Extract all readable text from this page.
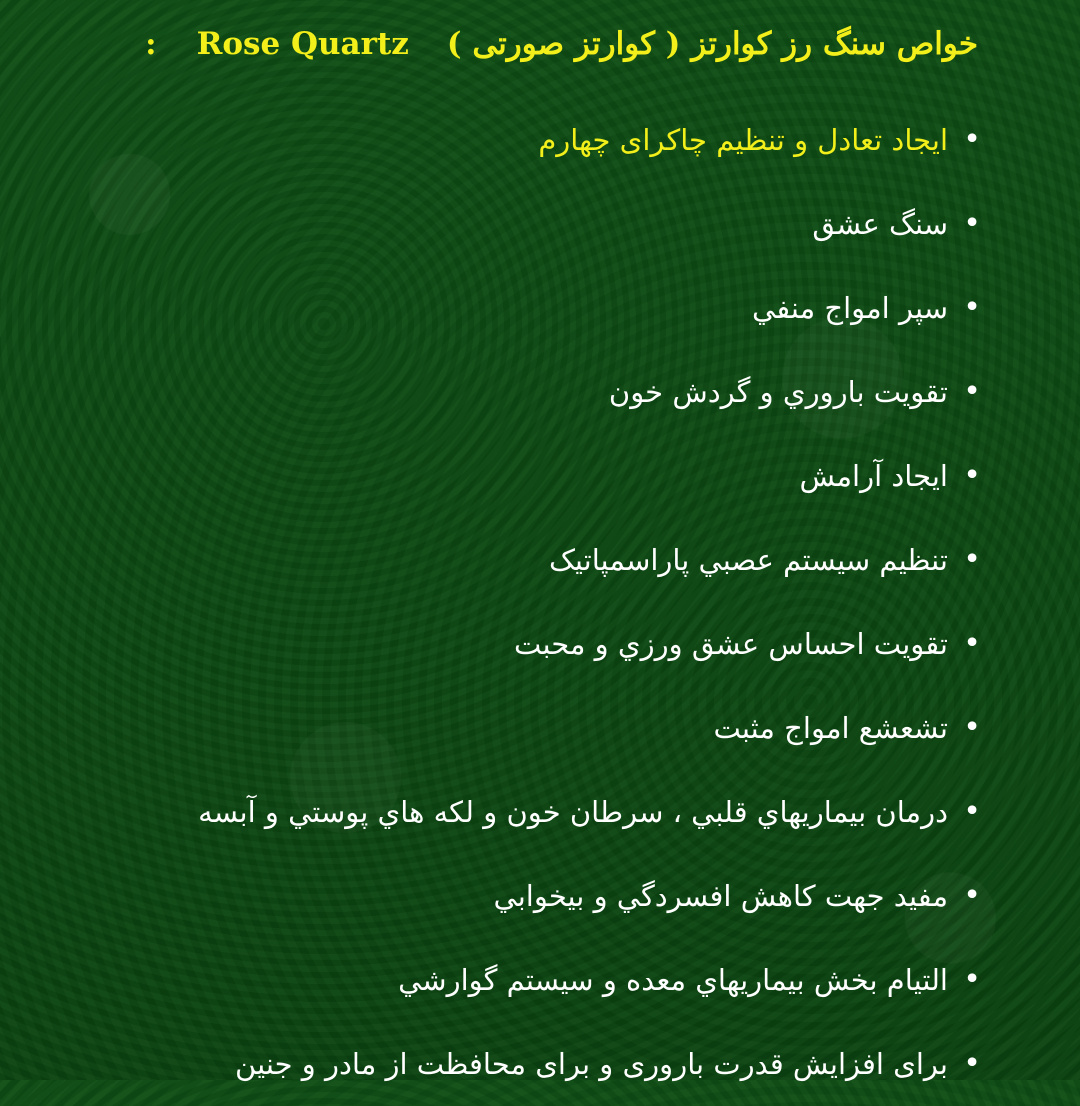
خواص سنگ رز کوارتز ( کوارتز صورتی )
Rose Quartz
:
•
ایجاد تعادل و تنظیم چاکرای چهارم
•
سنگ عشق
•
سپر امواج منفي
•
تقويت باروري و گردش خون
•
ايجاد آرامش
•
تنظيم سيستم عصبي پاراسمپاتيک
•
تقويت احساس عشق ورزي و محبت
•
تشعشع امواج مثبت
•
درمان بيماريهاي قلبي ، سرطان خون و لکه هاي پوستي و آبسه
•
مفيد جهت کاهش افسردگي و بيخوابي
•
التيام بخش بيماريهاي معده و سيستم گوارشي
•
برای افزایش قدرت باروری و برای محافظت از مادر و جنین
